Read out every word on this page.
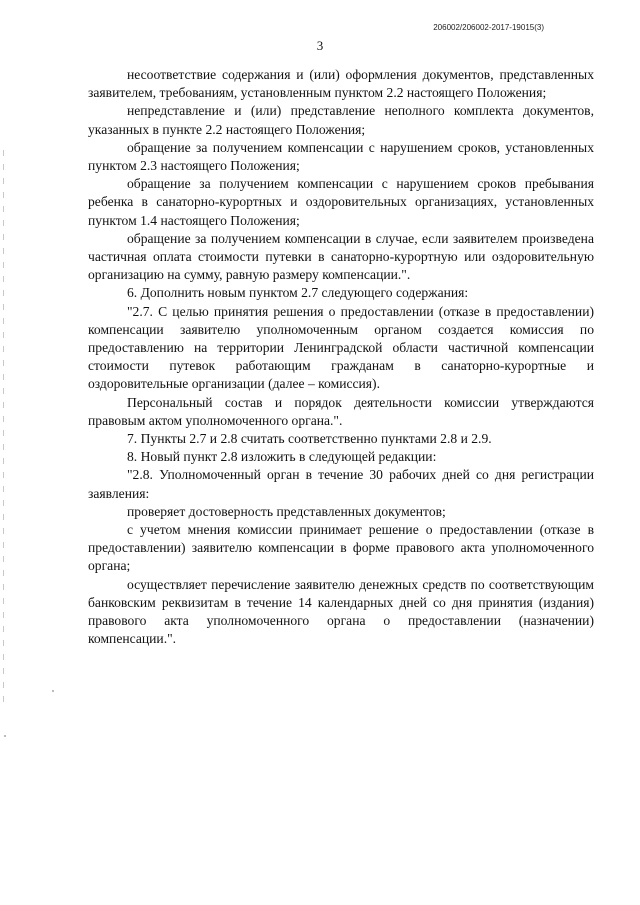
206002/206002-2017-19015(3)
3

несоответствие содержания и (или) оформления документов, представленных заявителем, требованиям, установленным пунктом 2.2 настоящего Положения;

непредставление и (или) представление неполного комплекта документов, указанных в пункте 2.2 настоящего Положения;

обращение за получением компенсации с нарушением сроков, установленных пунктом 2.3 настоящего Положения;

обращение за получением компенсации с нарушением сроков пребывания ребенка в санаторно-курортных и оздоровительных организациях, установленных пунктом 1.4 настоящего Положения;

обращение за получением компенсации в случае, если заявителем произведена частичная оплата стоимости путевки в санаторно-курортную или оздоровительную организацию на сумму, равную размеру компенсации.".

6. Дополнить новым пунктом 2.7 следующего содержания:

"2.7. С целью принятия решения о предоставлении (отказе в предоставлении) компенсации заявителю уполномоченным органом создается комиссия по предоставлению на территории Ленинградской области частичной компенсации стоимости путевок работающим гражданам в санаторно-курортные и оздоровительные организации (далее – комиссия).

Персональный состав и порядок деятельности комиссии утверждаются правовым актом уполномоченного органа.".

7. Пункты 2.7 и 2.8 считать соответственно пунктами 2.8 и 2.9.

8. Новый пункт 2.8 изложить в следующей редакции:

"2.8. Уполномоченный орган в течение 30 рабочих дней со дня регистрации заявления:

проверяет достоверность представленных документов;

с учетом мнения комиссии принимает решение о предоставлении (отказе в предоставлении) заявителю компенсации в форме правового акта уполномоченного органа;

осуществляет перечисление заявителю денежных средств по соответствующим банковским реквизитам в течение 14 календарных дней со дня принятия (издания) правового акта уполномоченного органа о предоставлении (назначении) компенсации.".
